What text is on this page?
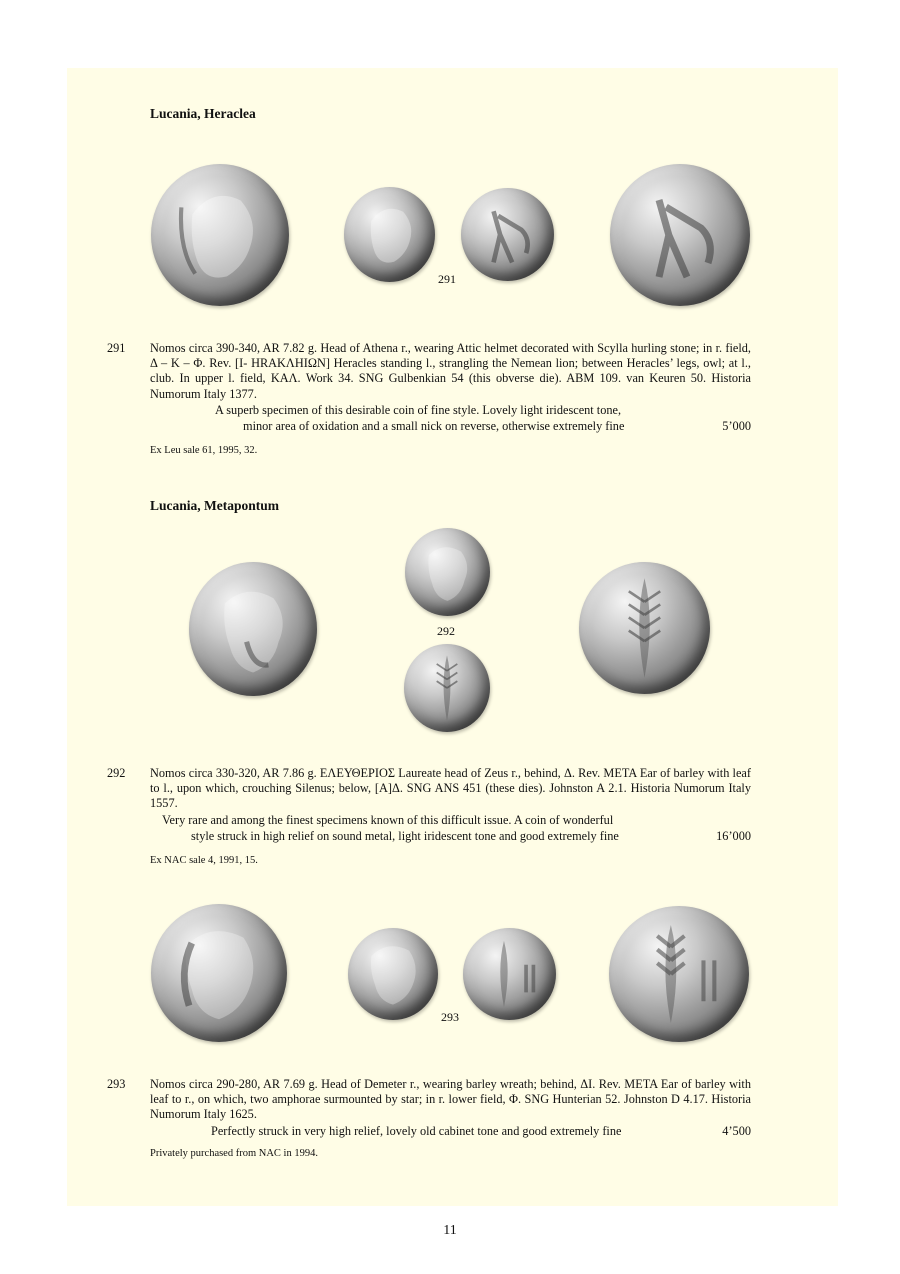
Lucania, Heraclea
291
291 Nomos circa 390-340, AR 7.82 g. Head of Athena r., wearing Attic helmet decorated with Scylla hurling stone; in r. field, Δ – K – Φ. Rev. [I- HRAKΛHIΩN] Heracles standing l., strangling the Nemean lion; between Heracles’ legs, owl; at l., club. In upper l. field, KAΛ. Work 34. SNG Gulbenkian 54 (this obverse die). ABM 109. van Keuren 50. Historia Numorum Italy 1377.
A superb specimen of this desirable coin of fine style. Lovely light iridescent tone,
minor area of oxidation and a small nick on reverse, otherwise extremely fine	5’000
Ex Leu sale 61, 1995, 32.
Lucania, Metapontum
292
292 Nomos circa 330-320, AR 7.86 g. ΕΛΕΥΘΕΡΙΟΣ Laureate head of Zeus r., behind, Δ. Rev. META Ear of barley with leaf to l., upon which, crouching Silenus; below, [A]Δ. SNG ANS 451 (these dies). Johnston A 2.1. Historia Numorum Italy 1557.
Very rare and among the finest specimens known of this difficult issue. A coin of wonderful
style struck in high relief on sound metal, light iridescent tone and good extremely fine	16’000
Ex NAC sale 4, 1991, 15.
293
293 Nomos circa 290-280, AR 7.69 g. Head of Demeter r., wearing barley wreath; behind, ΔI. Rev. META Ear of barley with leaf to r., on which, two amphorae surmounted by star; in r. lower field, Φ. SNG Hunterian 52. Johnston D 4.17. Historia Numorum Italy 1625.
Perfectly struck in very high relief, lovely old cabinet tone and good extremely fine	4’500
Privately purchased from NAC in 1994.
11
